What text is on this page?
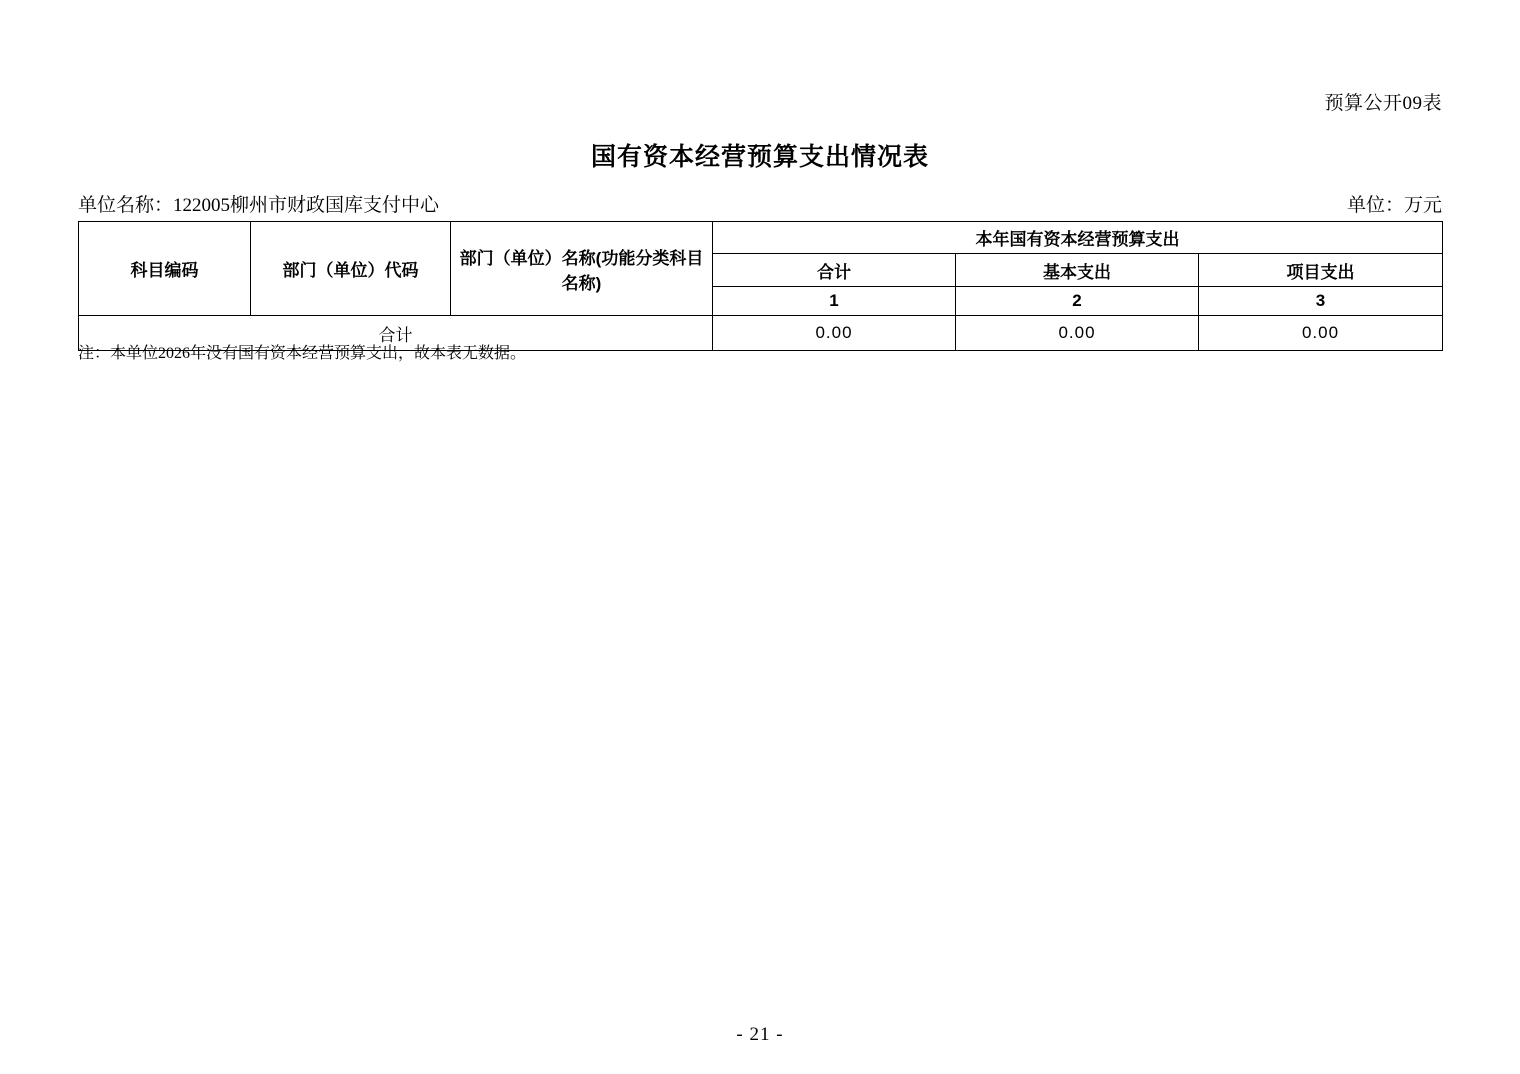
预算公开09表
国有资本经营预算支出情况表
单位名称：122005柳州市财政国库支付中心	单位：万元
科目编码	部门（单位）代码	部门（单位）名称(功能分类科目名称)	本年国有资本经营预算支出		
			合计	基本支出	项目支出
			1	2	3
合计			0.00	0.00	0.00
注：本单位2026年没有国有资本经营预算支出，故本表无数据。
- 21 -
